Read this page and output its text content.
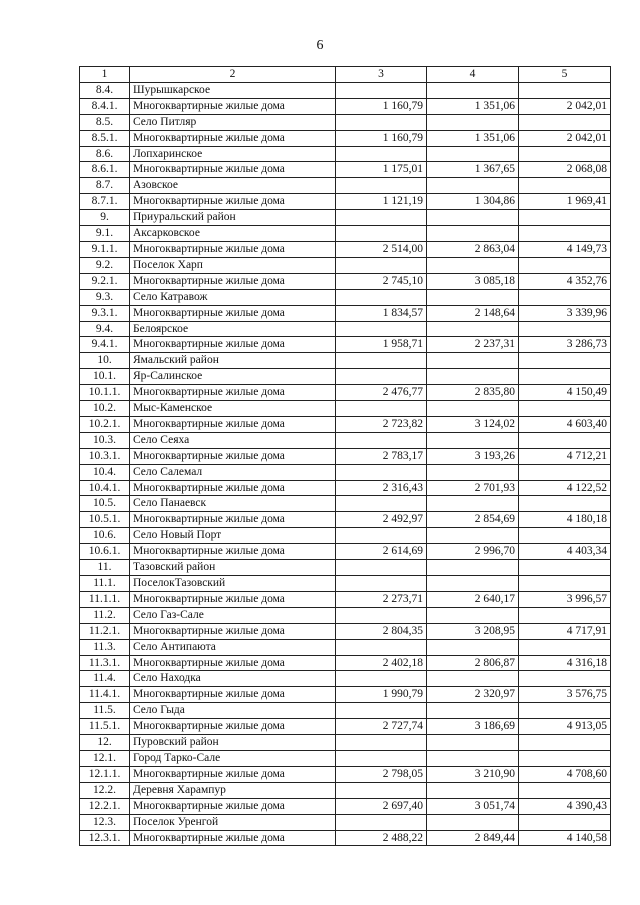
6
1	2	3	4	5
8.4.	Шурышкарское			
8.4.1.	Многоквартирные жилые дома	1 160,79	1 351,06	2 042,01
8.5.	Село Питляр			
8.5.1.	Многоквартирные жилые дома	1 160,79	1 351,06	2 042,01
8.6.	Лопхаринское			
8.6.1.	Многоквартирные жилые дома	1 175,01	1 367,65	2 068,08
8.7.	Азовское			
8.7.1.	Многоквартирные жилые дома	1 121,19	1 304,86	1 969,41
9.	Приуральский район			
9.1.	Аксарковское			
9.1.1.	Многоквартирные жилые дома	2 514,00	2 863,04	4 149,73
9.2.	Поселок Харп			
9.2.1.	Многоквартирные жилые дома	2 745,10	3 085,18	4 352,76
9.3.	Село Катравож			
9.3.1.	Многоквартирные жилые дома	1 834,57	2 148,64	3 339,96
9.4.	Белоярское			
9.4.1.	Многоквартирные жилые дома	1 958,71	2 237,31	3 286,73
10.	Ямальский район			
10.1.	Яр-Салинское			
10.1.1.	Многоквартирные жилые дома	2 476,77	2 835,80	4 150,49
10.2.	Мыс-Каменское			
10.2.1.	Многоквартирные жилые дома	2 723,82	3 124,02	4 603,40
10.3.	Село Сеяха			
10.3.1.	Многоквартирные жилые дома	2 783,17	3 193,26	4 712,21
10.4.	Село Салемал			
10.4.1.	Многоквартирные жилые дома	2 316,43	2 701,93	4 122,52
10.5.	Село Панаевск			
10.5.1.	Многоквартирные жилые дома	2 492,97	2 854,69	4 180,18
10.6.	Село Новый Порт			
10.6.1.	Многоквартирные жилые дома	2 614,69	2 996,70	4 403,34
11.	Тазовский район			
11.1.	ПоселокТазовский			
11.1.1.	Многоквартирные жилые дома	2 273,71	2 640,17	3 996,57
11.2.	Село Газ-Сале			
11.2.1.	Многоквартирные жилые дома	2 804,35	3 208,95	4 717,91
11.3.	Село Антипаюта			
11.3.1.	Многоквартирные жилые дома	2 402,18	2 806,87	4 316,18
11.4.	Село Находка			
11.4.1.	Многоквартирные жилые дома	1 990,79	2 320,97	3 576,75
11.5.	Село Гыда			
11.5.1.	Многоквартирные жилые дома	2 727,74	3 186,69	4 913,05
12.	Пуровский район			
12.1.	Город Тарко-Сале			
12.1.1.	Многоквартирные жилые дома	2 798,05	3 210,90	4 708,60
12.2.	Деревня Харампур			
12.2.1.	Многоквартирные жилые дома	2 697,40	3 051,74	4 390,43
12.3.	Поселок Уренгой			
12.3.1.	Многоквартирные жилые дома	2 488,22	2 849,44	4 140,58
